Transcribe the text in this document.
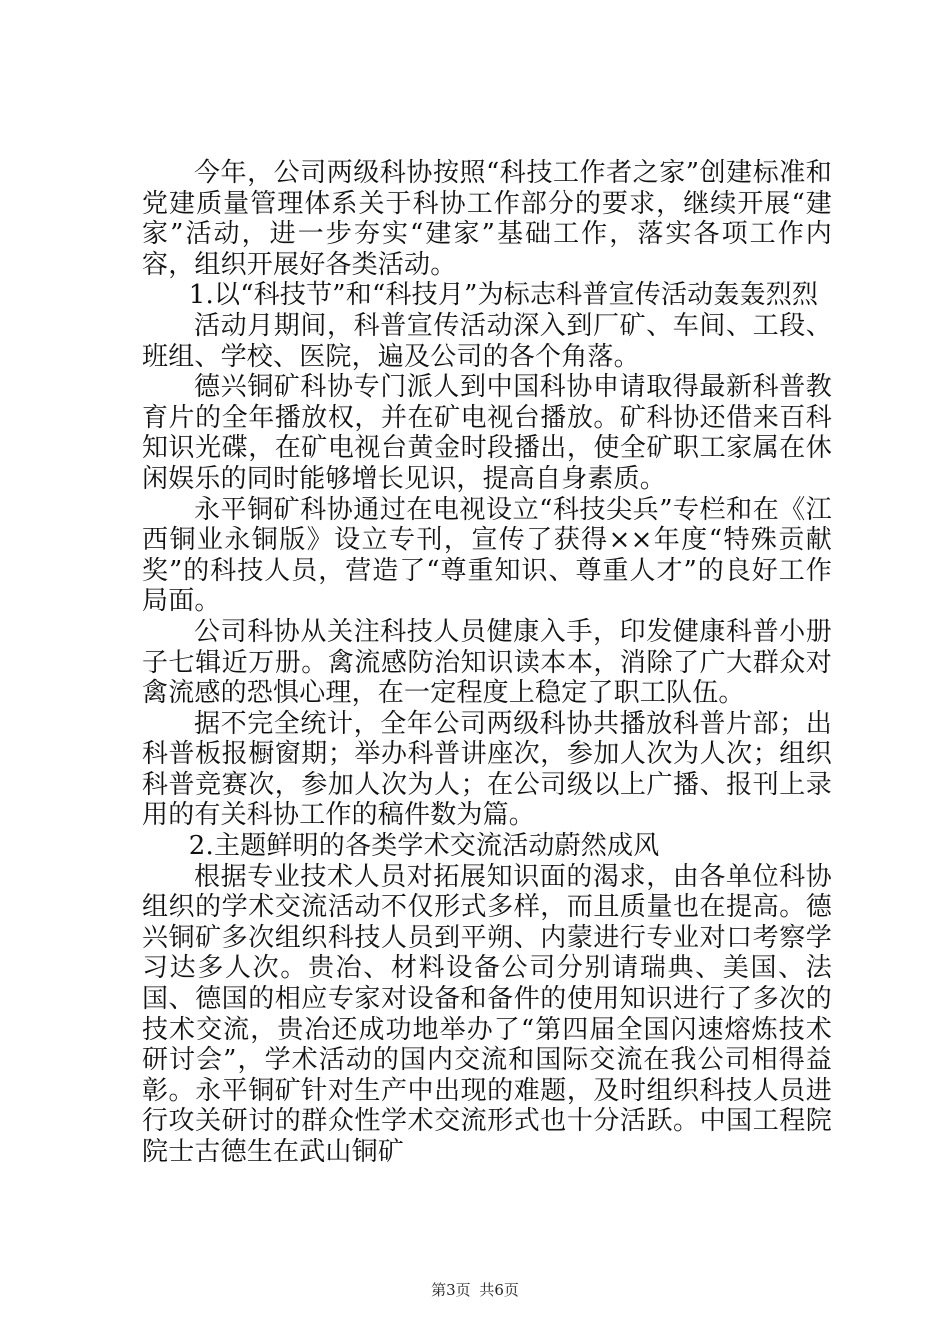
今年，公司两级科协按照“科技工作者之家”创建标准和党建质量管理体系关于科协工作部分的要求，继续开展“建家”活动，进一步夯实“建家”基础工作，落实各项工作内容，组织开展好各类活动。

1.以“科技节”和“科技月”为标志科普宣传活动轰轰烈烈

活动月期间，科普宣传活动深入到厂矿、车间、工段、班组、学校、医院，遍及公司的各个角落。

德兴铜矿科协专门派人到中国科协申请取得最新科普教育片的全年播放权，并在矿电视台播放。矿科协还借来百科知识光碟，在矿电视台黄金时段播出，使全矿职工家属在休闲娱乐的同时能够增长见识，提高自身素质。

永平铜矿科协通过在电视设立“科技尖兵”专栏和在《江西铜业永铜版》设立专刊，宣传了获得××年度“特殊贡献奖”的科技人员，营造了“尊重知识、尊重人才”的良好工作局面。

公司科协从关注科技人员健康入手，印发健康科普小册子七辑近万册。禽流感防治知识读本本，消除了广大群众对禽流感的恐惧心理，在一定程度上稳定了职工队伍。

据不完全统计，全年公司两级科协共播放科普片部；出科普板报橱窗期；举办科普讲座次，参加人次为人次；组织科普竞赛次，参加人次为人；在公司级以上广播、报刊上录用的有关科协工作的稿件数为篇。

2.主题鲜明的各类学术交流活动蔚然成风

根据专业技术人员对拓展知识面的渴求，由各单位科协组织的学术交流活动不仅形式多样，而且质量也在提高。德兴铜矿多次组织科技人员到平朔、内蒙进行专业对口考察学习达多人次。贵冶、材料设备公司分别请瑞典、美国、法国、德国的相应专家对设备和备件的使用知识进行了多次的技术交流，贵冶还成功地举办了“第四届全国闪速熔炼技术研讨会”，学术活动的国内交流和国际交流在我公司相得益彰。永平铜矿针对生产中出现的难题，及时组织科技人员进行攻关研讨的群众性学术交流形式也十分活跃。中国工程院院士古德生在武山铜矿

第3页 共6页
